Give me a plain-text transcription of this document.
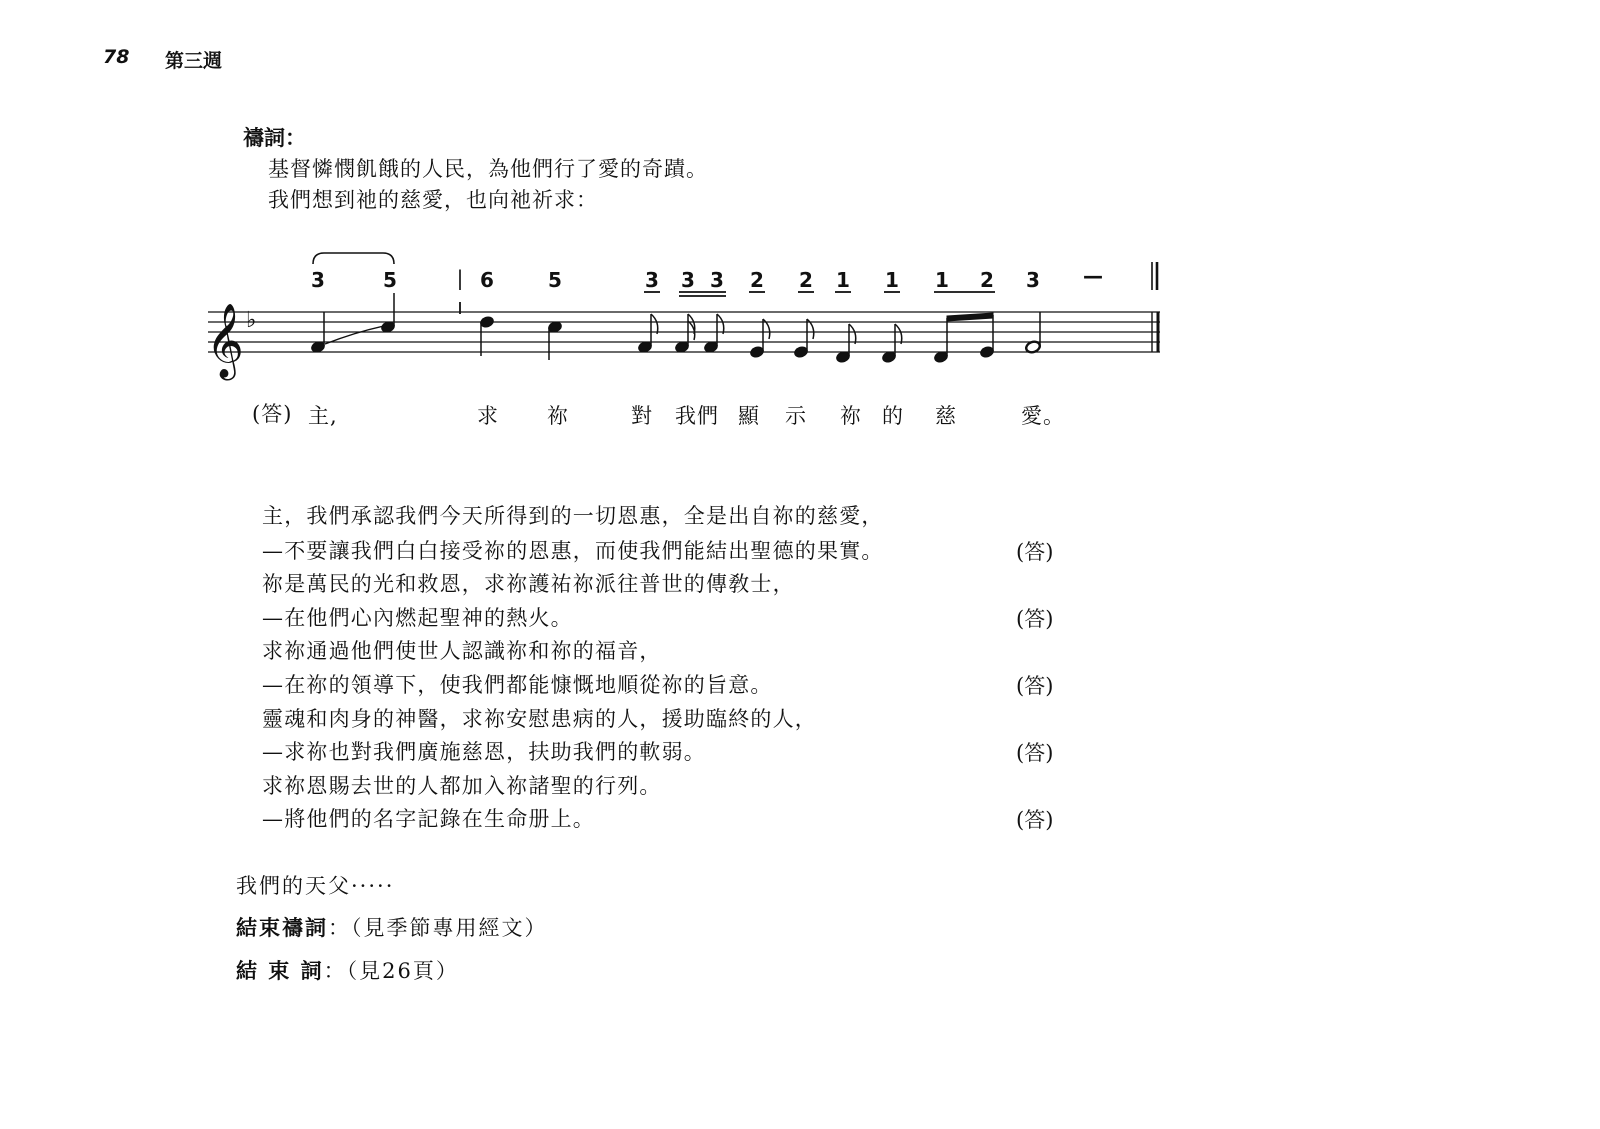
78 第三週
禱詞：
基督憐憫飢餓的人民，為他們行了愛的奇蹟。
我們想到祂的慈愛，也向祂祈求：
3	5	| 6	5	3 3 3 2 2 1 1 1 2 3 —
𝄞 ♭
(答) 主,	求 祢	對 我們 顯 示 祢 的 慈	愛。
主，我們承認我們今天所得到的一切恩惠，全是出自祢的慈愛，
—不要讓我們白白接受祢的恩惠，而使我們能結出聖德的果實。	(答)
祢是萬民的光和救恩，求祢護祐祢派往普世的傳敎士，
—在他們心內燃起聖神的熱火。	(答)
求祢通過他們使世人認識祢和祢的福音，
—在祢的領導下，使我們都能慷慨地順從祢的旨意。	(答)
靈魂和肉身的神醫，求祢安慰患病的人，援助臨終的人，
—求祢也對我們廣施慈恩，扶助我們的軟弱。	(答)
求祢恩賜去世的人都加入祢諸聖的行列。
—將他們的名字記錄在生命册上。	(答)
我們的天父·····
結束禱詞：（見季節專用經文）
結 束 詞：（見26頁）
